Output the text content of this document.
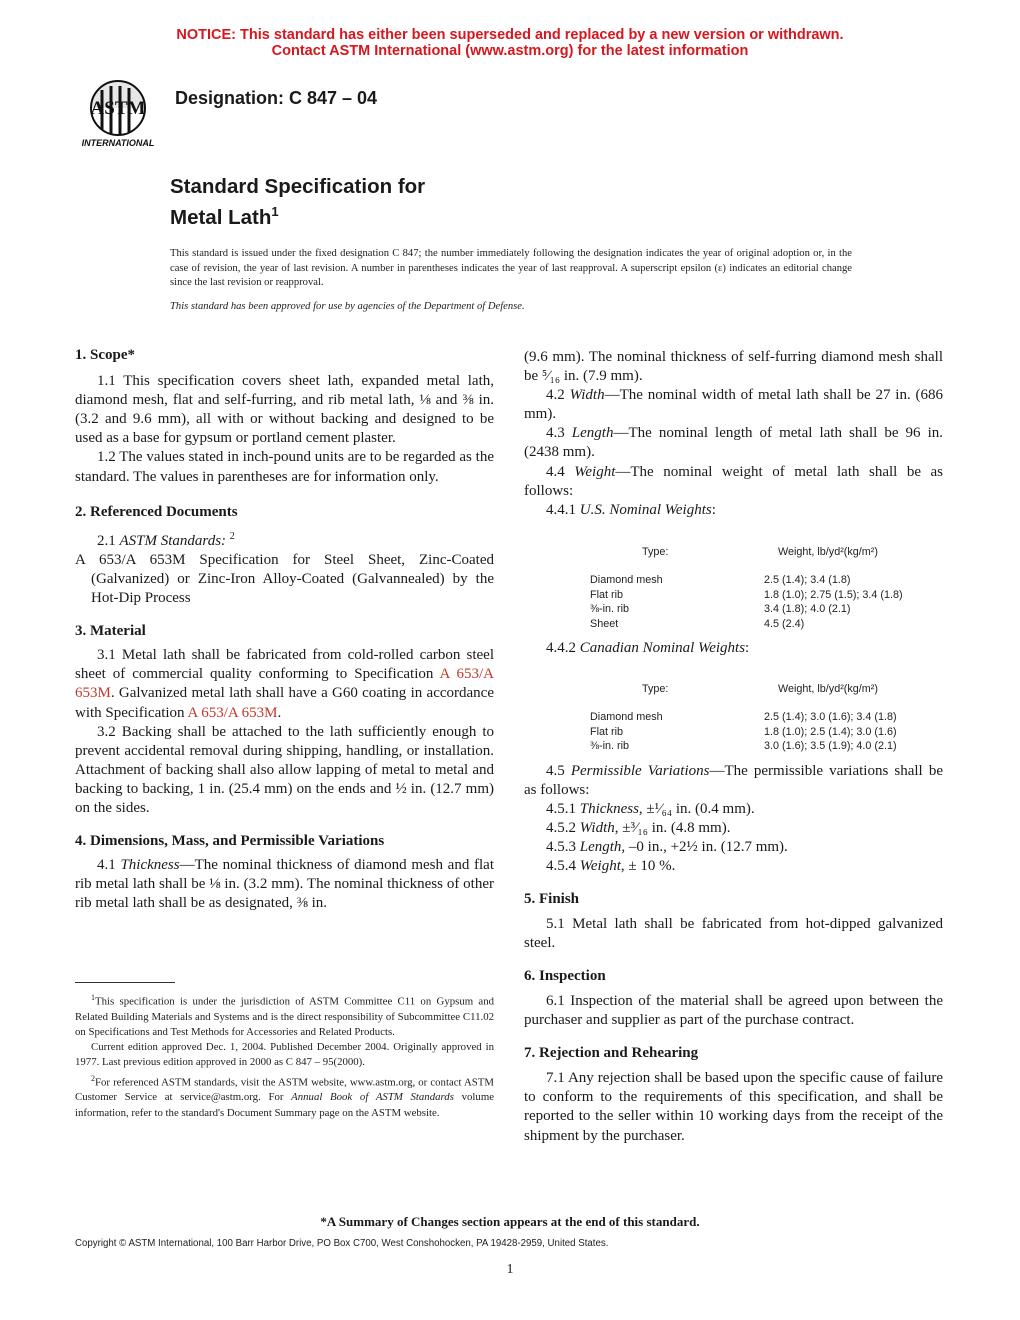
NOTICE: This standard has either been superseded and replaced by a new version or withdrawn.
Contact ASTM International (www.astm.org) for the latest information
ASTM
INTERNATIONAL
Designation: C 847 – 04
Standard Specification for
Metal Lath$^1$
This standard is issued under the fixed designation C 847; the number immediately following the designation indicates the year of original adoption or, in the case of revision, the year of last revision. A number in parentheses indicates the year of last reapproval. A superscript epsilon (ε) indicates an editorial change since the last revision or reapproval.
This standard has been approved for use by agencies of the Department of Defense.
1. Scope*

1.1 This specification covers sheet lath, expanded metal lath, diamond mesh, flat and self-furring, and rib metal lath, ⅛ and ⅜ in. (3.2 and 9.6 mm), all with or without backing and designed to be used as a base for gypsum or portland cement plaster.

1.2 The values stated in inch-pound units are to be regarded as the standard. The values in parentheses are for information only.

2. Referenced Documents

2.1 ASTM Standards: $^2$

A 653/A 653M Specification for Steel Sheet, Zinc-Coated (Galvanized) or Zinc-Iron Alloy-Coated (Galvannealed) by the Hot-Dip Process

3. Material

3.1 Metal lath shall be fabricated from cold-rolled carbon steel sheet of commercial quality conforming to Specification A 653/A 653M. Galvanized metal lath shall have a G60 coating in accordance with Specification A 653/A 653M.

3.2 Backing shall be attached to the lath sufficiently enough to prevent accidental removal during shipping, handling, or installation. Attachment of backing shall also allow lapping of metal to metal and backing to backing, 1 in. (25.4 mm) on the ends and ½ in. (12.7 mm) on the sides.

4. Dimensions, Mass, and Permissible Variations

4.1 Thickness—The nominal thickness of diamond mesh and flat rib metal lath shall be ⅛ in. (3.2 mm). The nominal thickness of other rib metal lath shall be as designated, ⅜ in.

$^1$This specification is under the jurisdiction of ASTM Committee C11 on Gypsum and Related Building Materials and Systems and is the direct responsibility of Subcommittee C11.02 on Specifications and Test Methods for Accessories and Related Products.

Current edition approved Dec. 1, 2004. Published December 2004. Originally approved in 1977. Last previous edition approved in 2000 as C 847 – 95(2000).

$^2$For referenced ASTM standards, visit the ASTM website, www.astm.org, or contact ASTM Customer Service at service@astm.org. For Annual Book of ASTM Standards volume information, refer to the standard's Document Summary page on the ASTM website.

(9.6 mm). The nominal thickness of self-furring diamond mesh shall be ⁵⁄₁₆ in. (7.9 mm).

4.2 Width—The nominal width of metal lath shall be 27 in. (686 mm).

4.3 Length—The nominal length of metal lath shall be 96 in. (2438 mm).

4.4 Weight—The nominal weight of metal lath shall be as follows:

4.4.1 U.S. Nominal Weights:

Type:	Weight, lb/yd²(kg/m²)
Diamond mesh	2.5 (1.4); 3.4 (1.8)
Flat rib	1.8 (1.0); 2.75 (1.5); 3.4 (1.8)
⅜-in. rib	3.4 (1.8); 4.0 (2.1)
Sheet	4.5 (2.4)

4.4.2 Canadian Nominal Weights:

Type:	Weight, lb/yd²(kg/m²)
Diamond mesh	2.5 (1.4); 3.0 (1.6); 3.4 (1.8)
Flat rib	1.8 (1.0); 2.5 (1.4); 3.0 (1.6)
⅜-in. rib	3.0 (1.6); 3.5 (1.9); 4.0 (2.1)

4.5 Permissible Variations—The permissible variations shall be as follows:

4.5.1 Thickness, ±¹⁄₆₄ in. (0.4 mm).

4.5.2 Width, ±³⁄₁₆ in. (4.8 mm).

4.5.3 Length, –0 in., +2½ in. (12.7 mm).

4.5.4 Weight, ± 10 %.

5. Finish

5.1 Metal lath shall be fabricated from hot-dipped galvanized steel.

6. Inspection

6.1 Inspection of the material shall be agreed upon between the purchaser and supplier as part of the purchase contract.

7. Rejection and Rehearing

7.1 Any rejection shall be based upon the specific cause of failure to conform to the requirements of this specification, and shall be reported to the seller within 10 working days from the receipt of the shipment by the purchaser.

*A Summary of Changes section appears at the end of this standard.
Copyright © ASTM International, 100 Barr Harbor Drive, PO Box C700, West Conshohocken, PA 19428-2959, United States.
1
